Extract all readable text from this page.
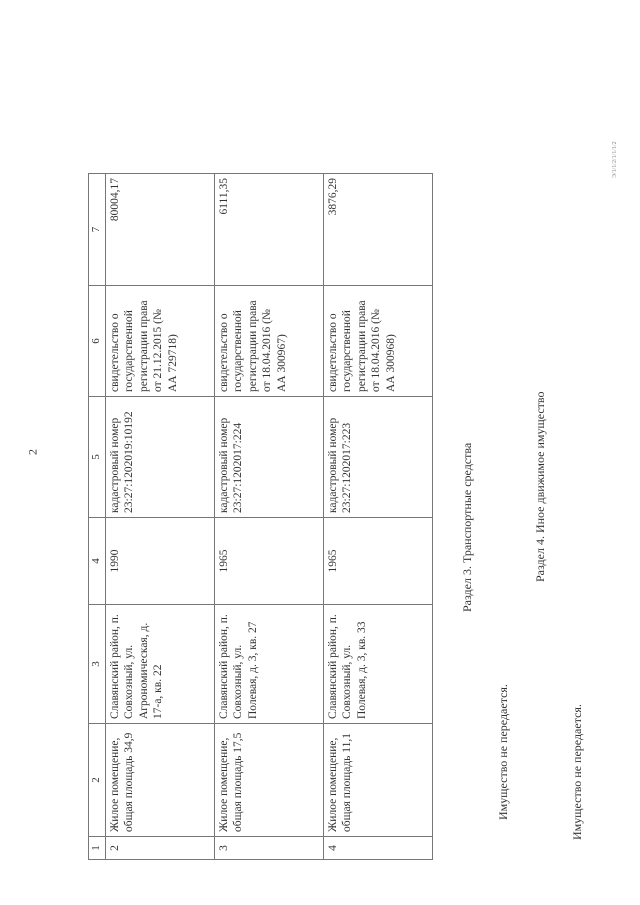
2
1	2	3	4	5	6	7
2	Жилое помещение, общая площадь 34,9	Славянский район, п. Совхозный, ул. Агрономическая, д. 17-а, кв. 22	1990	кадастровый номер 23:27:1202019:10192	свидетельство о государственной регистрации права от 21.12.2015 (№ АА 729718)	80004,17
3	Жилое помещение, общая площадь 17,5	Славянский район, п. Совхозный, ул. Полевая, д. 3, кв. 27	1965	кадастровый номер 23:27:1202017:224	свидетельство о государственной регистрации права от 18.04.2016 (№ АА 300967)	6111,35
4	Жилое помещение, общая площадь 11,1	Славянский район, п. Совхозный, ул. Полевая, д. 3, кв. 33	1965	кадастровый номер 23:27:1202017:223	свидетельство о государственной регистрации права от 18.04.2016 (№ АА 300968)	3876,29
Имущество не передается.
Раздел 3. Транспортные средства	Раздел 4. Иное движимое имущество
Имущество не передается.
Э/1/1/2/1/1/1/2
